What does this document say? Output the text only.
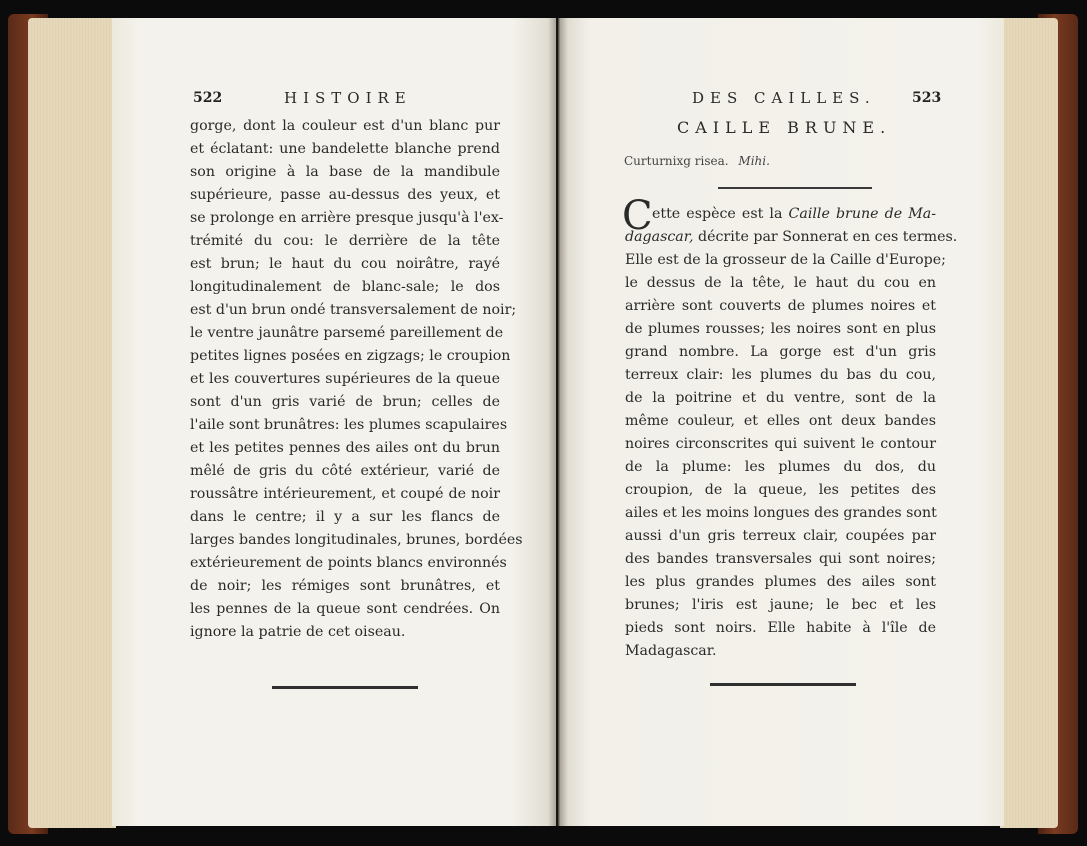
522	HISTOIRE
gorge, dont la couleur est d'un blanc pur
et éclatant: une bandelette blanche prend
son origine à la base de la mandibule
supérieure, passe au-dessus des yeux, et
se prolonge en arrière presque jusqu'à l'ex-
trémité du cou: le derrière de la tête
est brun; le haut du cou noirâtre, rayé
longitudinalement de blanc-sale; le dos
est d'un brun ondé transversalement de noir;
le ventre jaunâtre parsemé pareillement de
petites lignes posées en zigzags; le croupion
et les couvertures supérieures de la queue
sont d'un gris varié de brun; celles de
l'aile sont brunâtres: les plumes scapulaires
et les petites pennes des ailes ont du brun
mêlé de gris du côté extérieur, varié de
roussâtre intérieurement, et coupé de noir
dans le centre; il y a sur les flancs de
larges bandes longitudinales, brunes, bordées
extérieurement de points blancs environnés
de noir; les rémiges sont brunâtres, et
les pennes de la queue sont cendrées. On
ignore la patrie de cet oiseau.
DES CAILLES.	523
CAILLE BRUNE.
Curturnixg risea. Mihi.
C ette espèce est la Caille brune de Ma-
dagascar, décrite par Sonnerat en ces termes.
Elle est de la grosseur de la Caille d'Europe;
le dessus de la tête, le haut du cou en
arrière sont couverts de plumes noires et
de plumes rousses; les noires sont en plus
grand nombre. La gorge est d'un gris
terreux clair: les plumes du bas du cou,
de la poitrine et du ventre, sont de la
même couleur, et elles ont deux bandes
noires circonscrites qui suivent le contour
de la plume: les plumes du dos, du
croupion, de la queue, les petites des
ailes et les moins longues des grandes sont
aussi d'un gris terreux clair, coupées par
des bandes transversales qui sont noires;
les plus grandes plumes des ailes sont
brunes; l'iris est jaune; le bec et les
pieds sont noirs. Elle habite à l'île de
Madagascar.
